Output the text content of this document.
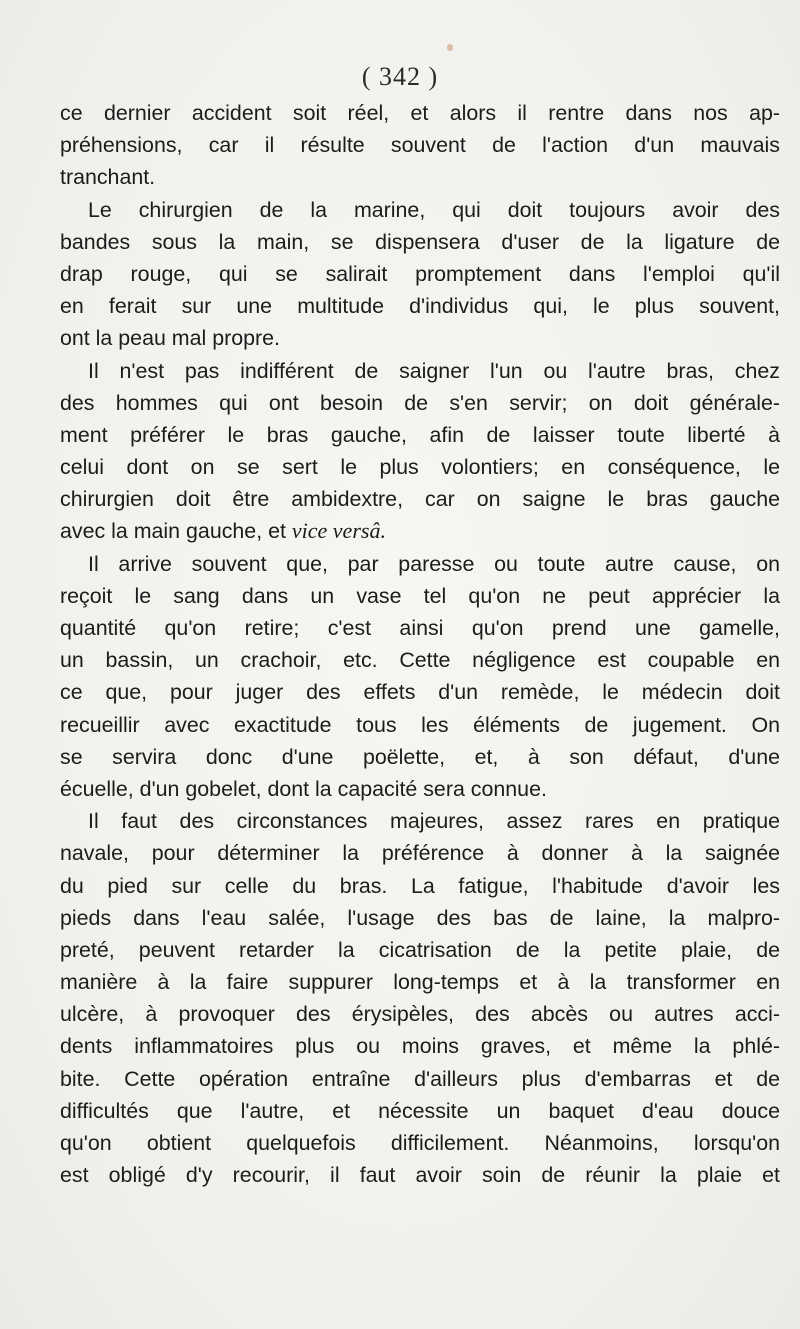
( 342 )
ce dernier accident soit réel, et alors il rentre dans nos ap-
préhensions, car il résulte souvent de l'action d'un mauvais
tranchant.
Le chirurgien de la marine, qui doit toujours avoir des
bandes sous la main, se dispensera d'user de la ligature de
drap rouge, qui se salirait promptement dans l'emploi qu'il
en ferait sur une multitude d'individus qui, le plus souvent,
ont la peau mal propre.
Il n'est pas indifférent de saigner l'un ou l'autre bras, chez
des hommes qui ont besoin de s'en servir; on doit générale-
ment préférer le bras gauche, afin de laisser toute liberté à
celui dont on se sert le plus volontiers; en conséquence, le
chirurgien doit être ambidextre, car on saigne le bras gauche
avec la main gauche, et vice versâ.
Il arrive souvent que, par paresse ou toute autre cause, on
reçoit le sang dans un vase tel qu'on ne peut apprécier la
quantité qu'on retire; c'est ainsi qu'on prend une gamelle,
un bassin, un crachoir, etc. Cette négligence est coupable en
ce que, pour juger des effets d'un remède, le médecin doit
recueillir avec exactitude tous les éléments de jugement. On
se servira donc d'une poëlette, et, à son défaut, d'une
écuelle, d'un gobelet, dont la capacité sera connue.
Il faut des circonstances majeures, assez rares en pratique
navale, pour déterminer la préférence à donner à la saignée
du pied sur celle du bras. La fatigue, l'habitude d'avoir les
pieds dans l'eau salée, l'usage des bas de laine, la malpro-
preté, peuvent retarder la cicatrisation de la petite plaie, de
manière à la faire suppurer long-temps et à la transformer en
ulcère, à provoquer des érysipèles, des abcès ou autres acci-
dents inflammatoires plus ou moins graves, et même la phlé-
bite. Cette opération entraîne d'ailleurs plus d'embarras et de
difficultés que l'autre, et nécessite un baquet d'eau douce
qu'on obtient quelquefois difficilement. Néanmoins, lorsqu'on
est obligé d'y recourir, il faut avoir soin de réunir la plaie et
